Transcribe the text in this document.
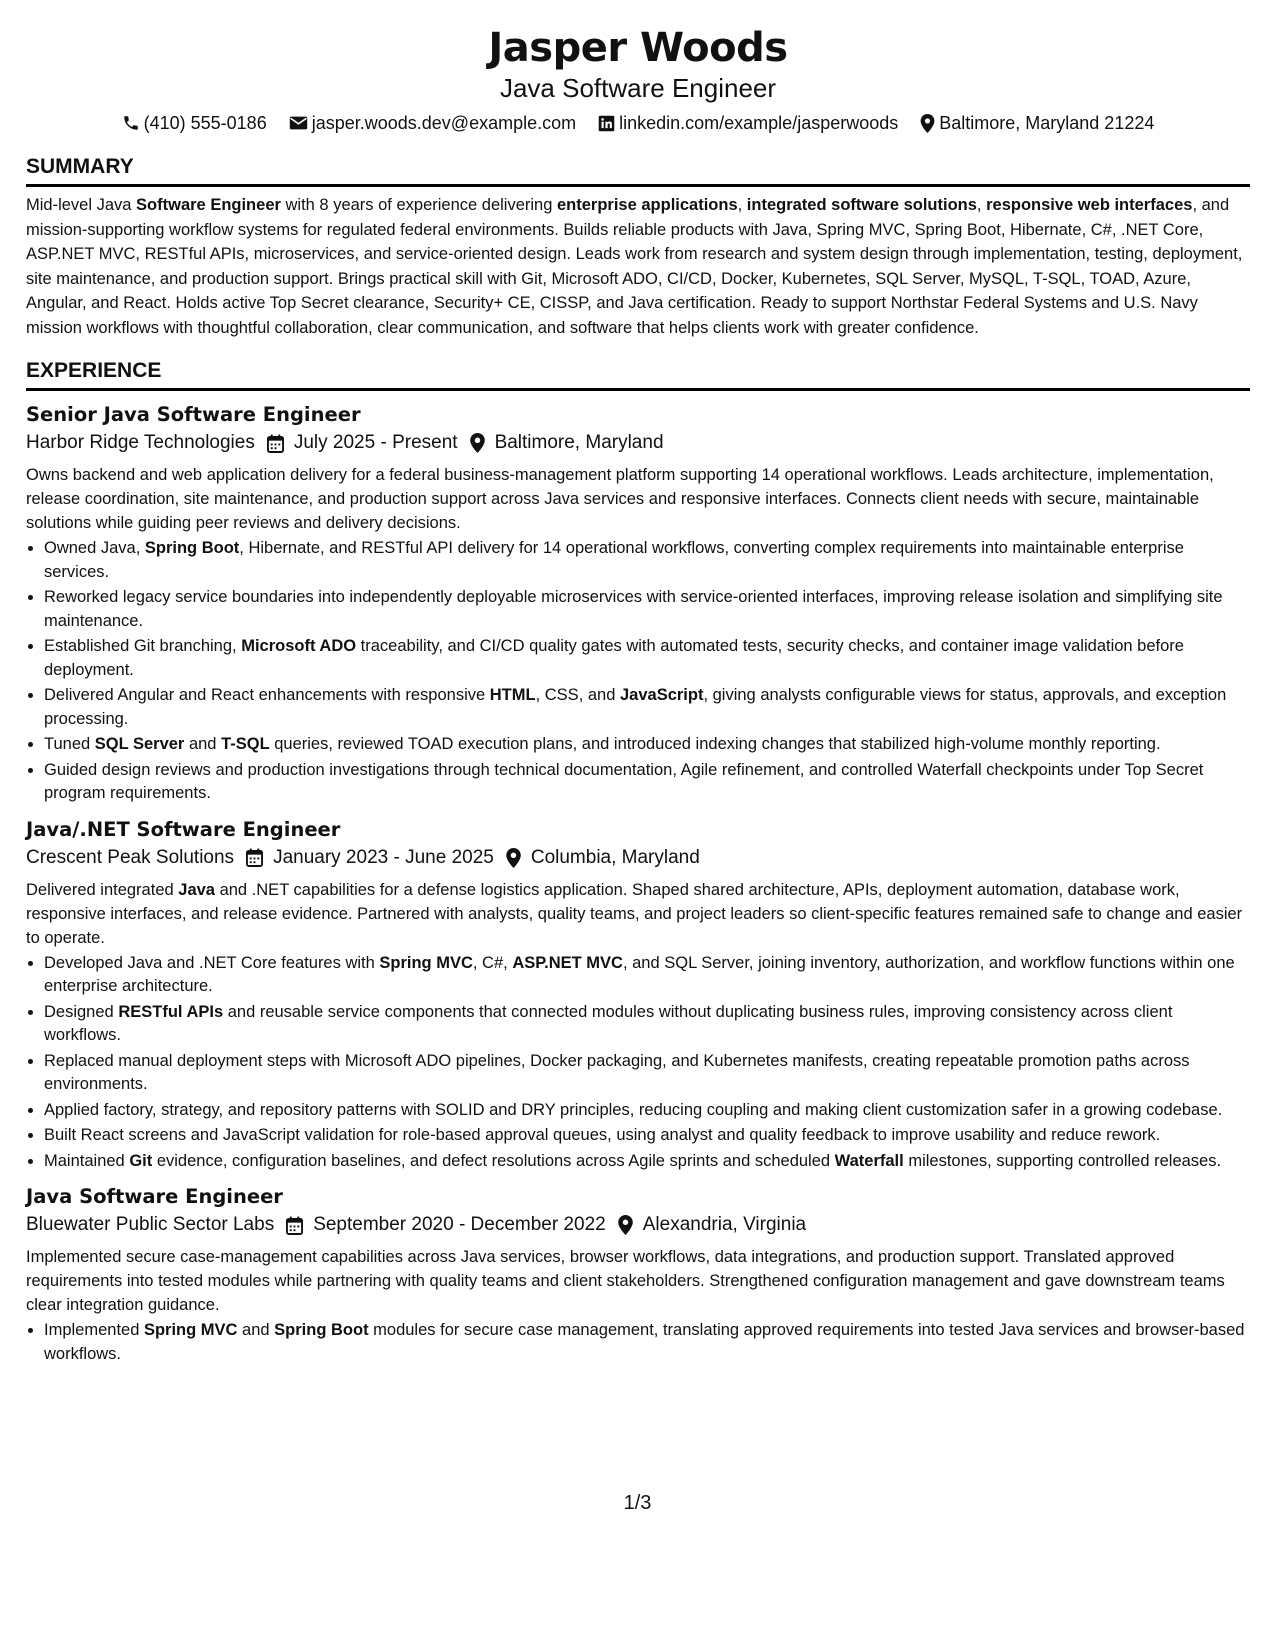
Jasper Woods
Java Software Engineer
(410) 555-0186	jasper.woods.dev@example.com linkedin.com/example/jasperwoods Baltimore, Maryland 21224
SUMMARY
Mid-level Java Software Engineer with 8 years of experience delivering enterprise applications, integrated software solutions, responsive web interfaces, and mission-supporting workflow systems for regulated federal environments. Builds reliable products with Java, Spring MVC, Spring Boot, Hibernate, C#, .NET Core, ASP.NET MVC, RESTful APIs, microservices, and service-oriented design. Leads work from research and system design through implementation, testing, deployment, site maintenance, and production support. Brings practical skill with Git, Microsoft ADO, CI/CD, Docker, Kubernetes, SQL Server, MySQL, T-SQL, TOAD, Azure, Angular, and React. Holds active Top Secret clearance, Security+ CE, CISSP, and Java certification. Ready to support Northstar Federal Systems and U.S. Navy mission workflows with thoughtful collaboration, clear communication, and software that helps clients work with greater confidence.
EXPERIENCE
Senior Java Software Engineer
Harbor Ridge Technologies July 2025 - Present Baltimore, Maryland
Owns backend and web application delivery for a federal business-management platform supporting 14 operational workflows. Leads architecture, implementation, release coordination, site maintenance, and production support across Java services and responsive interfaces. Connects client needs with secure, maintainable solutions while guiding peer reviews and delivery decisions.
• Owned Java, Spring Boot, Hibernate, and RESTful API delivery for 14 operational workflows, converting complex requirements into maintainable enterprise services.
• Reworked legacy service boundaries into independently deployable microservices with service-oriented interfaces, improving release isolation and simplifying site maintenance.
• Established Git branching, Microsoft ADO traceability, and CI/CD quality gates with automated tests, security checks, and container image validation before deployment.
• Delivered Angular and React enhancements with responsive HTML, CSS, and JavaScript, giving analysts configurable views for status, approvals, and exception processing.
• Tuned SQL Server and T-SQL queries, reviewed TOAD execution plans, and introduced indexing changes that stabilized high-volume monthly reporting.
• Guided design reviews and production investigations through technical documentation, Agile refinement, and controlled Waterfall checkpoints under Top Secret program requirements.
Java/.NET Software Engineer
Crescent Peak Solutions January 2023 - June 2025 Columbia, Maryland
Delivered integrated Java and .NET capabilities for a defense logistics application. Shaped shared architecture, APIs, deployment automation, database work, responsive interfaces, and release evidence. Partnered with analysts, quality teams, and project leaders so client-specific features remained safe to change and easier to operate.
• Developed Java and .NET Core features with Spring MVC, C#, ASP.NET MVC, and SQL Server, joining inventory, authorization, and workflow functions within one enterprise architecture.
• Designed RESTful APIs and reusable service components that connected modules without duplicating business rules, improving consistency across client workflows.
• Replaced manual deployment steps with Microsoft ADO pipelines, Docker packaging, and Kubernetes manifests, creating repeatable promotion paths across environments.
• Applied factory, strategy, and repository patterns with SOLID and DRY principles, reducing coupling and making client customization safer in a growing codebase.
• Built React screens and JavaScript validation for role-based approval queues, using analyst and quality feedback to improve usability and reduce rework.
• Maintained Git evidence, configuration baselines, and defect resolutions across Agile sprints and scheduled Waterfall milestones, supporting controlled releases.
Java Software Engineer
Bluewater Public Sector Labs September 2020 - December 2022 Alexandria, Virginia
Implemented secure case-management capabilities across Java services, browser workflows, data integrations, and production support. Translated approved requirements into tested modules while partnering with quality teams and client stakeholders. Strengthened configuration management and gave downstream teams clear integration guidance.
• Implemented Spring MVC and Spring Boot modules for secure case management, translating approved requirements into tested Java services and browser-based workflows.
1/3
